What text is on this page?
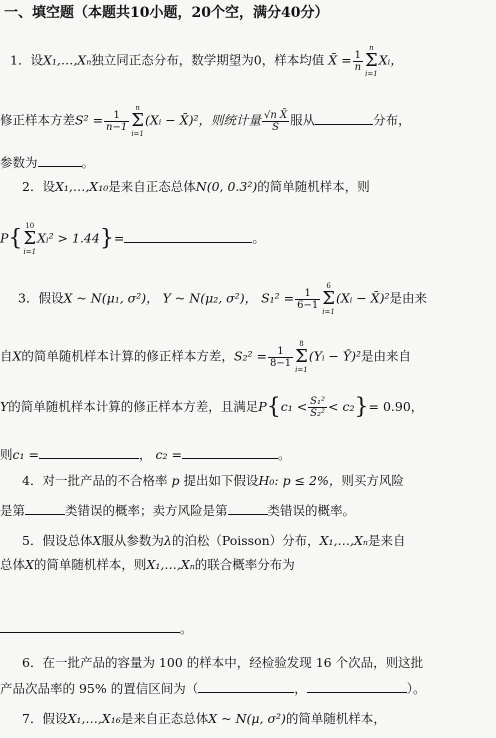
一、填空题（本题共10小题，20个空，满分40分）
1．设X₁,…,Xₙ独立同正态分布，数学期望为0，样本均值 X̄ = $\frac{1}{n}$
n
Σ
i=1
Xᵢ，
修正样本方差$S^2 = \frac{1}{n-1}$
n
Σ
i=1
(Xᵢ − X̄)²，则统计量 $\frac{\text{√n X̄}}{S}$ 服从	分布，
参数为	。
2．设X₁,…,X₁₀是来自正态总体N(0, 0.3²)的简单随机样本，则
P{ 10
Σ
i=1
Xᵢ² > 1.44}=	。
3．假设X ~ N(μ₁, σ²)， Y ~ N(μ₂, σ²)， $S_1^2 = \frac{1}{6-1}$
6
Σ
i=1
(Xᵢ − X̄)²是由来
自X的简单随机样本计算的修正样本方差，$S_2^2 = \frac{1}{8-1}$
8
Σ
i=1
(Yᵢ − Ȳ)²是由来自
Y的简单随机样本计算的修正样本方差，且满足$P\{c_1 < \frac{\text{S₁²}}{\text{S₂²}} < c_2\}= 0.90$，
则c₁ =	， c₂ =	。
4．对一批产品的不合格率 p 提出如下假设H₀: p ≤ 2%，则买方风险
是第	类错误的概率；卖方风险是第	类错误的概率。
5．假设总体X服从参数为λ的泊松（Poisson）分布，X₁,…,Xₙ是来自
总体X的简单随机样本，则X₁,…,Xₙ的联合概率分布为
。
6．在一批产品的容量为 100 的样本中，经检验发现 16 个次品，则这批
产品次品率的 95% 的置信区间为（	，	）。
7．假设X₁,…,X₁₆是来自正态总体X ~ N(μ, σ²)的简单随机样本，
